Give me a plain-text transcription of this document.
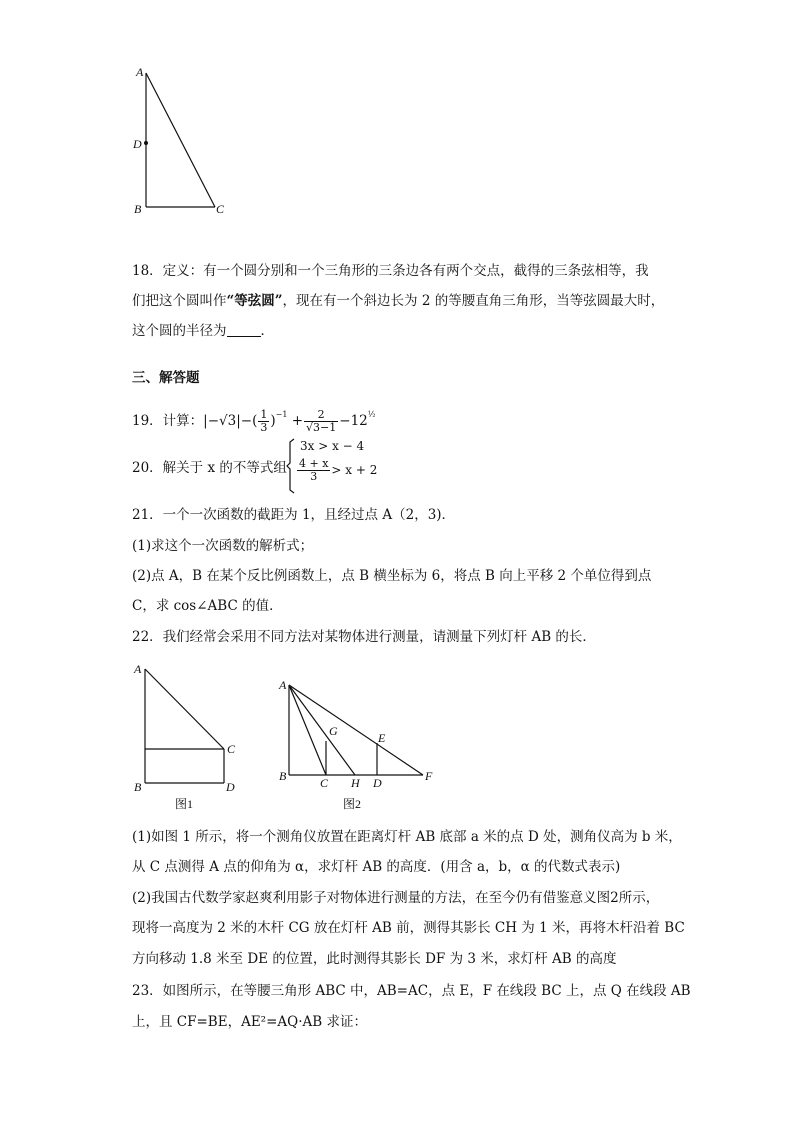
A
D
B	C
18．定义：有一个圆分别和一个三角形的三条边各有两个交点，截得的三条弦相等，我
们把这个圆叫作“等弦圆”，现在有一个斜边长为 2 的等腰直角三角形，当等弦圆最大时，
这个圆的半径为	．
三、解答题
19．计算：$|-√3|-( \frac{1}{3} )^{-1} + \frac{2}{√3-1} -12^{\frac{1}{2}}$
20．解关于 x 的不等式组
3x > x − 4
$\frac{4 + x}{3} > x + 2$
21．一个一次函数的截距为 1，且经过点 A（2，3)．
(1)求这个一次函数的解析式；
(2)点 A，B 在某个反比例函数上，点 B 横坐标为 6，将点 B 向上平移 2 个单位得到点
C，求 cos∠ABC 的值．
22．我们经常会采用不同方法对某物体进行测量，请测量下列灯杆 AB 的长．
A
C
B	D
图1
A
G	E
B	C H D	F
图2
(1)如图 1 所示，将一个测角仪放置在距离灯杆 AB 底部 a 米的点 D 处，测角仪高为 b 米，
从 C 点测得 A 点的仰角为 α，求灯杆 AB 的高度．(用含 a，b，α 的代数式表示)
(2)我国古代数学家赵爽利用影子对物体进行测量的方法，在至今仍有借鉴意义图2所示，
现将一高度为 2 米的木杆 CG 放在灯杆 AB 前，测得其影长 CH 为 1 米，再将木杆沿着 BC
方向移动 1.8 米至 DE 的位置，此时测得其影长 DF 为 3 米，求灯杆 AB 的高度
23．如图所示，在等腰三角形 ABC 中，AB=AC，点 E，F 在线段 BC 上，点 Q 在线段 AB
上，且 CF=BE，AE²=AQ·AB 求证：
